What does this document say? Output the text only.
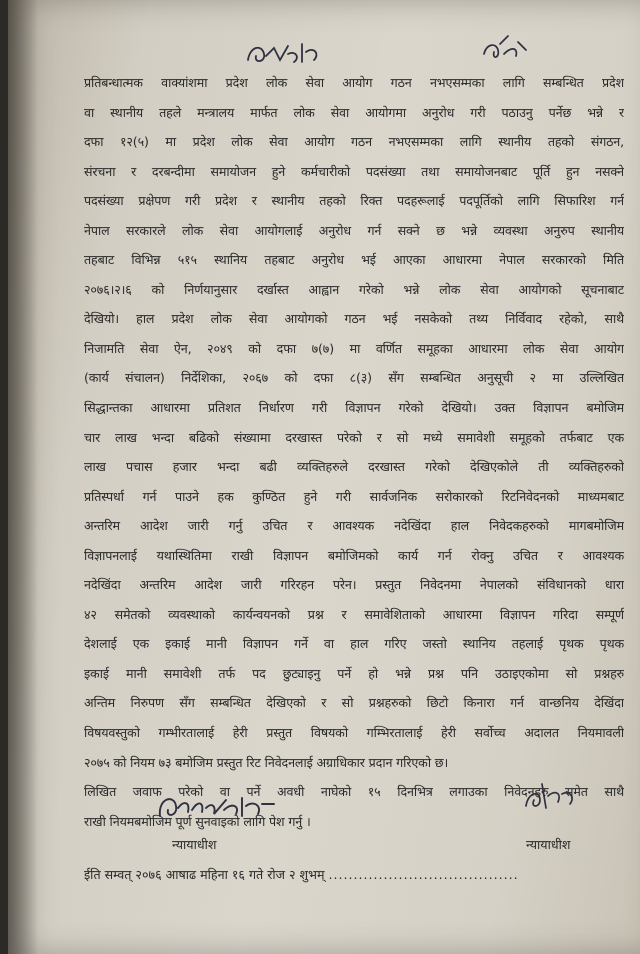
प्रतिबन्धात्मक वाक्यांशमा प्रदेश लोक सेवा आयोग गठन नभएसम्मका लागि सम्बन्धित प्रदेश
वा स्थानीय तहले मन्त्रालय मार्फत लोक सेवा आयोगमा अनुरोध गरी पठाउनु पर्नेछ भन्ने र
दफा १२(५) मा प्रदेश लोक सेवा आयोग गठन नभएसम्मका लागि स्थानीय तहको संगठन,
संरचना र दरबन्दीमा समायोजन हुने कर्मचारीको पदसंख्या तथा समायोजनबाट पूर्ति हुन नसक्ने
पदसंख्या प्रक्षेपण गरी प्रदेश र स्थानीय तहको रिक्त पदहरूलाई पदपूर्तिको लागि सिफारिश गर्न
नेपाल सरकारले लोक सेवा आयोगलाई अनुरोध गर्न सक्ने छ भन्ने व्यवस्था अनुरुप स्थानीय
तहबाट विभिन्न ५१५ स्थानिय तहबाट अनुरोध भई आएका आधारमा नेपाल सरकारको मिति
२०७६।२।६ को निर्णयानुसार दर्खास्त आह्वान गरेको भन्ने लोक सेवा आयोगको सूचनाबाट
देखियो। हाल प्रदेश लोक सेवा आयोगको गठन भई नसकेको तथ्य निर्विवाद रहेको, साथै
निजामति सेवा ऐन, २०४९ को दफा ७(७) मा वर्णित समूहका आधारमा लोक सेवा आयोग
(कार्य संचालन) निर्देशिका, २०६७ को दफा ८(३) सँग सम्बन्धित अनुसूची २ मा उल्लिखित
सिद्धान्तका आधारमा प्रतिशत निर्धारण गरी विज्ञापन गरेको देखियो। उक्त विज्ञापन बमोजिम
चार लाख भन्दा बढिको संख्यामा दरखास्त परेको र सो मध्ये समावेशी समूहको तर्फबाट एक
लाख पचास हजार भन्दा बढी व्यक्तिहरुले दरखास्त गरेको देखिएकोले ती व्यक्तिहरुको
प्रतिस्पर्धा गर्न पाउने हक कुण्ठित हुने गरी सार्वजनिक सरोकारको रिटनिवेदनको माध्यमबाट
अन्तरिम आदेश जारी गर्नु उचित र आवश्यक नदेखिंदा हाल निवेदकहरुको मागबमोजिम
विज्ञापनलाई यथास्थितिमा राखी विज्ञापन बमोजिमको कार्य गर्न रोक्नु उचित र आवश्यक
नदेखिंदा अन्तरिम आदेश जारी गरिरहन परेन। प्रस्तुत निवेदनमा नेपालको संविधानको धारा
४२ समेतको व्यवस्थाको कार्यन्वयनको प्रश्न र समावेशिताको आधारमा विज्ञापन गरिदा सम्पूर्ण
देशलाई एक इकाई मानी विज्ञापन गर्ने वा हाल गरिए जस्तो स्थानिय तहलाई पृथक पृथक
इकाई मानी समावेशी तर्फ पद छुट्याइनु पर्ने हो भन्ने प्रश्न पनि उठाइएकोमा सो प्रश्नहरु
अन्तिम निरुपण सँग सम्बन्धित देखिएको र सो प्रश्नहरुको छिटो किनारा गर्न वान्छनिय देखिंदा
विषयवस्तुको गम्भीरतालाई हेरी प्रस्तुत विषयको गम्भिरतालाई हेरी सर्वोच्च अदालत नियमावली
२०७५ को नियम ७३ बमोजिम प्रस्तुत रिट निवेदनलाई अग्राधिकार प्रदान गरिएको छ।
लिखित जवाफ परेको वा पर्ने अवधी नाघेको १५ दिनभित्र लगाउका निवेदनहरु समेत साथै
राखी नियमबमोजिम पूर्ण सुनवाइको लागि पेश गर्नु ।
न्यायाधीश	न्यायाधीश
ईति सम्वत् २०७६ आषाढ महिना १६ गते रोज २ शुभम् ......................................
